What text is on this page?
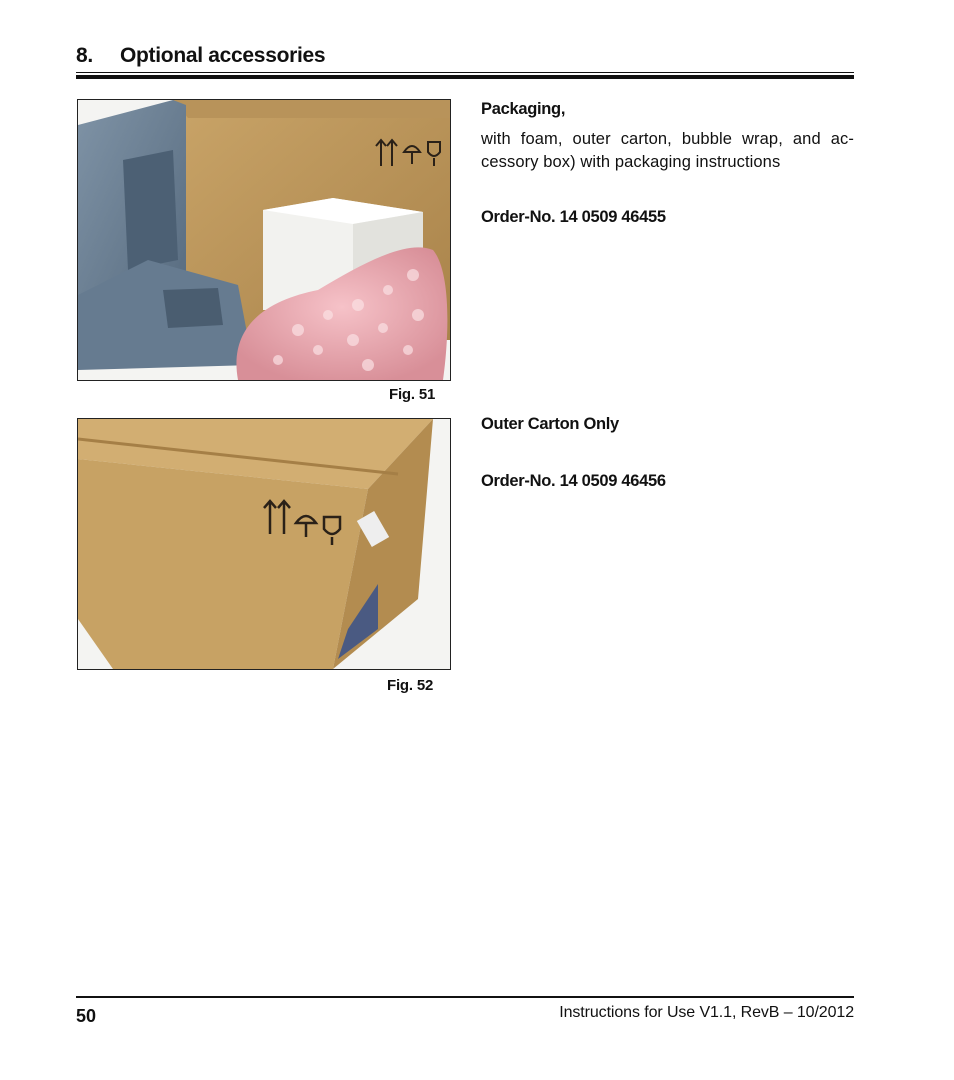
8.	Optional accessories
Fig. 51
Fig. 52

Packaging,

with foam, outer carton, bubble wrap, and ac-cessory box) with packaging instructions

Order-No. 14 0509 46455

Outer Carton Only

Order-No. 14 0509 46456

50	Instructions for Use V1.1, RevB – 10/2012
